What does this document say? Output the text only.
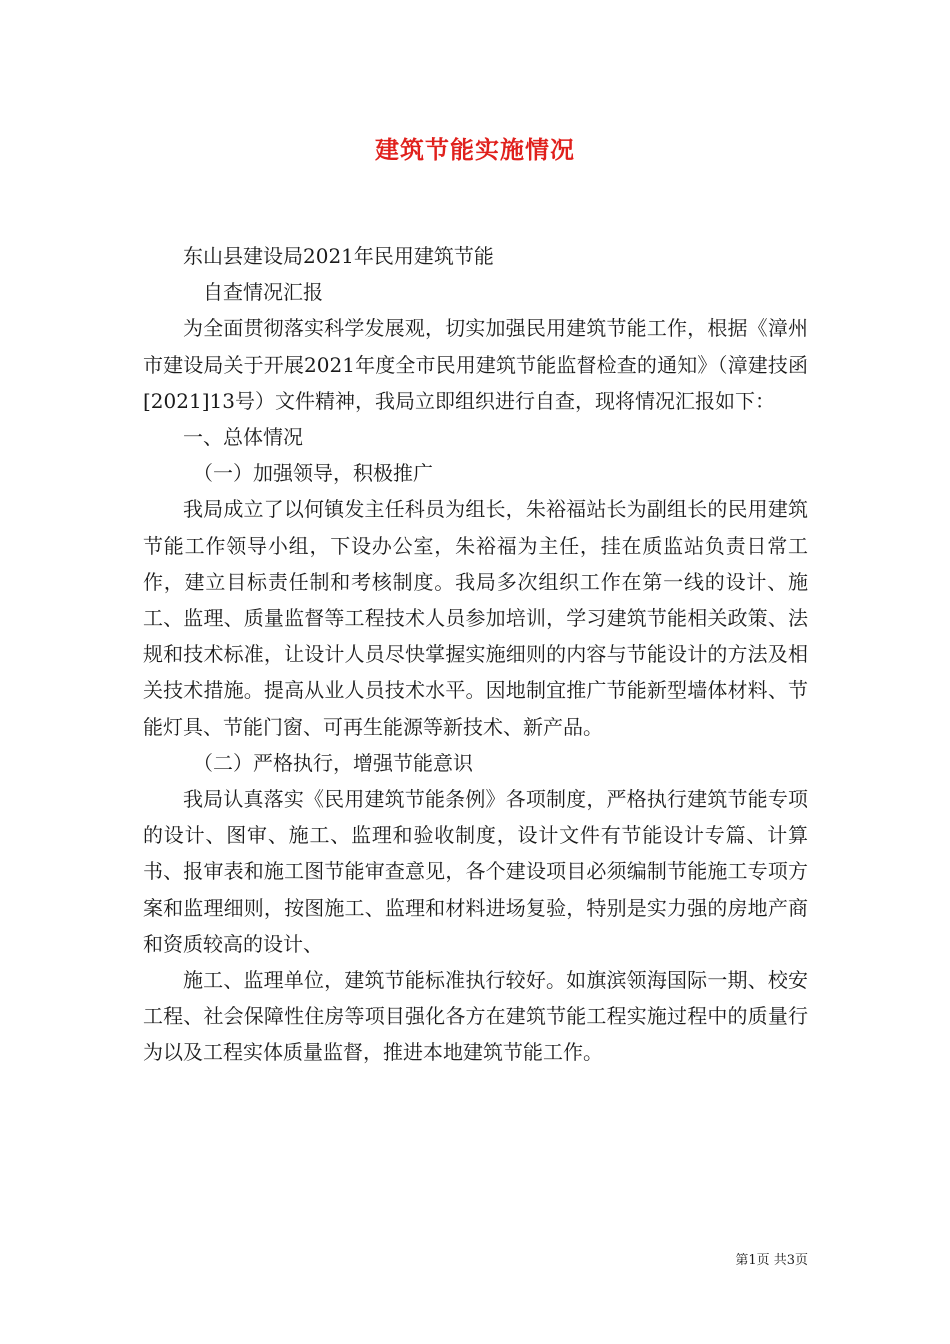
建筑节能实施情况

东山县建设局2021年民用建筑节能

自查情况汇报

为全面贯彻落实科学发展观，切实加强民用建筑节能工作，根据《漳州市建设局关于开展2021年度全市民用建筑节能监督检查的通知》（漳建技函[2021]13号）文件精神，我局立即组织进行自查，现将情况汇报如下：

一、总体情况

（一）加强领导，积极推广

我局成立了以何镇发主任科员为组长，朱裕福站长为副组长的民用建筑节能工作领导小组，下设办公室，朱裕福为主任，挂在质监站负责日常工作，建立目标责任制和考核制度。我局多次组织工作在第一线的设计、施工、监理、质量监督等工程技术人员参加培训，学习建筑节能相关政策、法规和技术标准，让设计人员尽快掌握实施细则的内容与节能设计的方法及相关技术措施。提高从业人员技术水平。因地制宜推广节能新型墙体材料、节能灯具、节能门窗、可再生能源等新技术、新产品。

（二）严格执行，增强节能意识

我局认真落实《民用建筑节能条例》各项制度，严格执行建筑节能专项的设计、图审、施工、监理和验收制度，设计文件有节能设计专篇、计算书、报审表和施工图节能审查意见，各个建设项目必须编制节能施工专项方案和监理细则，按图施工、监理和材料进场复验，特别是实力强的房地产商和资质较高的设计、

施工、监理单位，建筑节能标准执行较好。如旗滨领海国际一期、校安工程、社会保障性住房等项目强化各方在建筑节能工程实施过程中的质量行为以及工程实体质量监督，推进本地建筑节能工作。

第1页 共3页
